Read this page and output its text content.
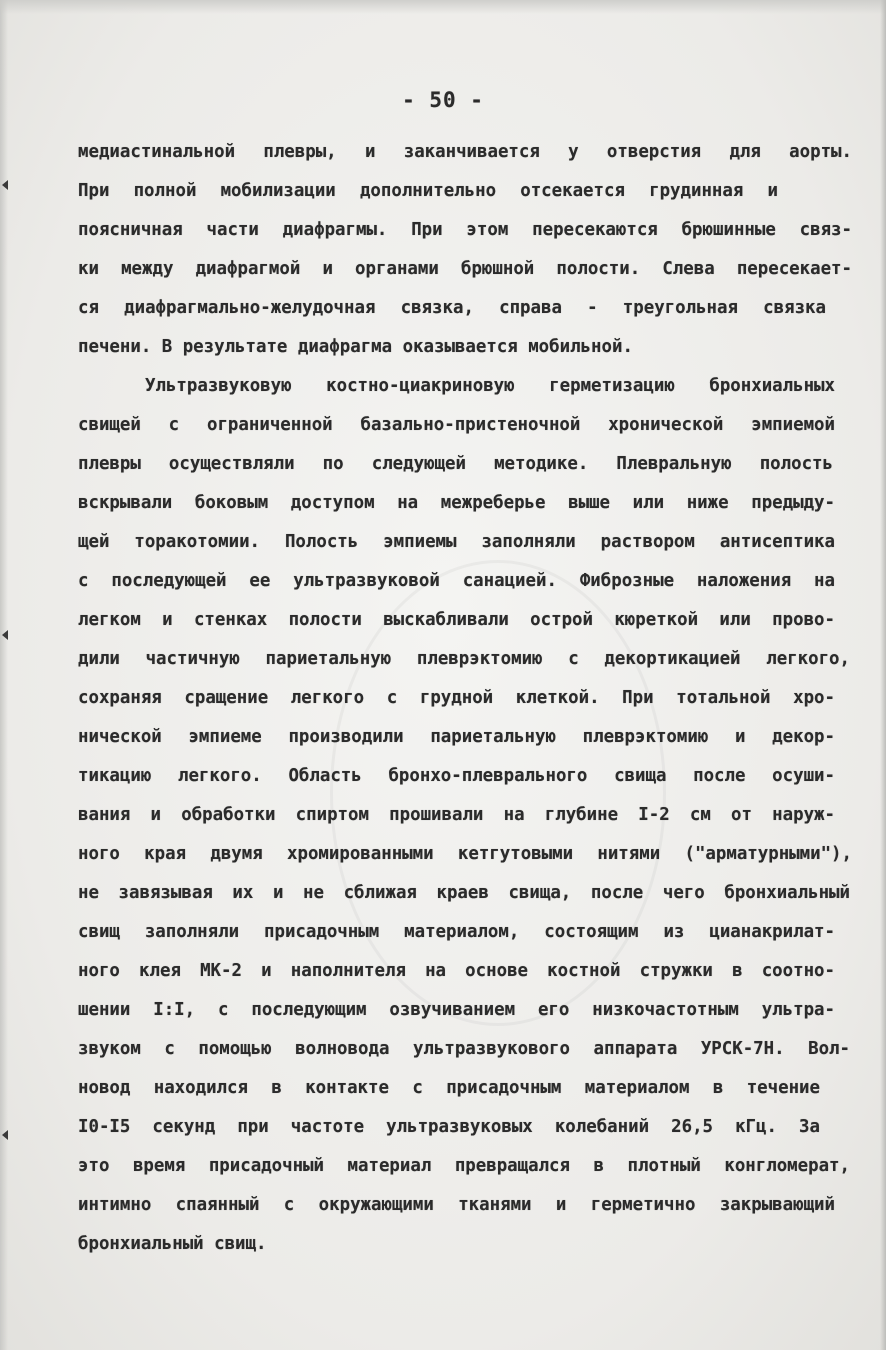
- 50 -
медиастинальной плевры, и заканчивается у отверстия для аорты.
При полной мобилизации дополнительно отсекается грудинная и
поясничная части диафрагмы. При этом пересекаются брюшинные связ-
ки между диафрагмой и органами брюшной полости. Слева пересекает-
ся диафрагмально-желудочная связка, справа - треугольная связка
печени. В результате диафрагма оказывается мобильной.
Ультразвуковую костно-циакриновую герметизацию бронхиальных
свищей с ограниченной базально-пристеночной хронической эмпиемой
плевры осуществляли по следующей методике. Плевральную полость
вскрывали боковым доступом на межреберье выше или ниже предыду-
щей торакотомии. Полость эмпиемы заполняли раствором антисептика
с последующей ее ультразвуковой санацией. Фиброзные наложения на
легком и стенках полости выскабливали острой кюреткой или прово-
дили частичную париетальную плеврэктомию с декортикацией легкого,
сохраняя сращение легкого с грудной клеткой. При тотальной хро-
нической эмпиеме производили париетальную плеврэктомию и декор-
тикацию легкого. Область бронхо-плеврального свища после осуши-
вания и обработки спиртом прошивали на глубине I-2 см от наруж-
ного края двумя хромированными кетгутовыми нитями ("арматурными"),
не завязывая их и не сближая краев свища, после чего бронхиальный
свищ заполняли присадочным материалом, состоящим из цианакрилат-
ного клея МК-2 и наполнителя на основе костной стружки в соотно-
шении I:I, с последующим озвучиванием его низкочастотным ультра-
звуком с помощью волновода ультразвукового аппарата УРСК-7Н. Вол-
новод находился в контакте с присадочным материалом в течение
I0-I5 секунд при частоте ультразвуковых колебаний 26,5 кГц. За
это время присадочный материал превращался в плотный конгломерат,
интимно спаянный с окружающими тканями и герметично закрывающий
бронхиальный свищ.
